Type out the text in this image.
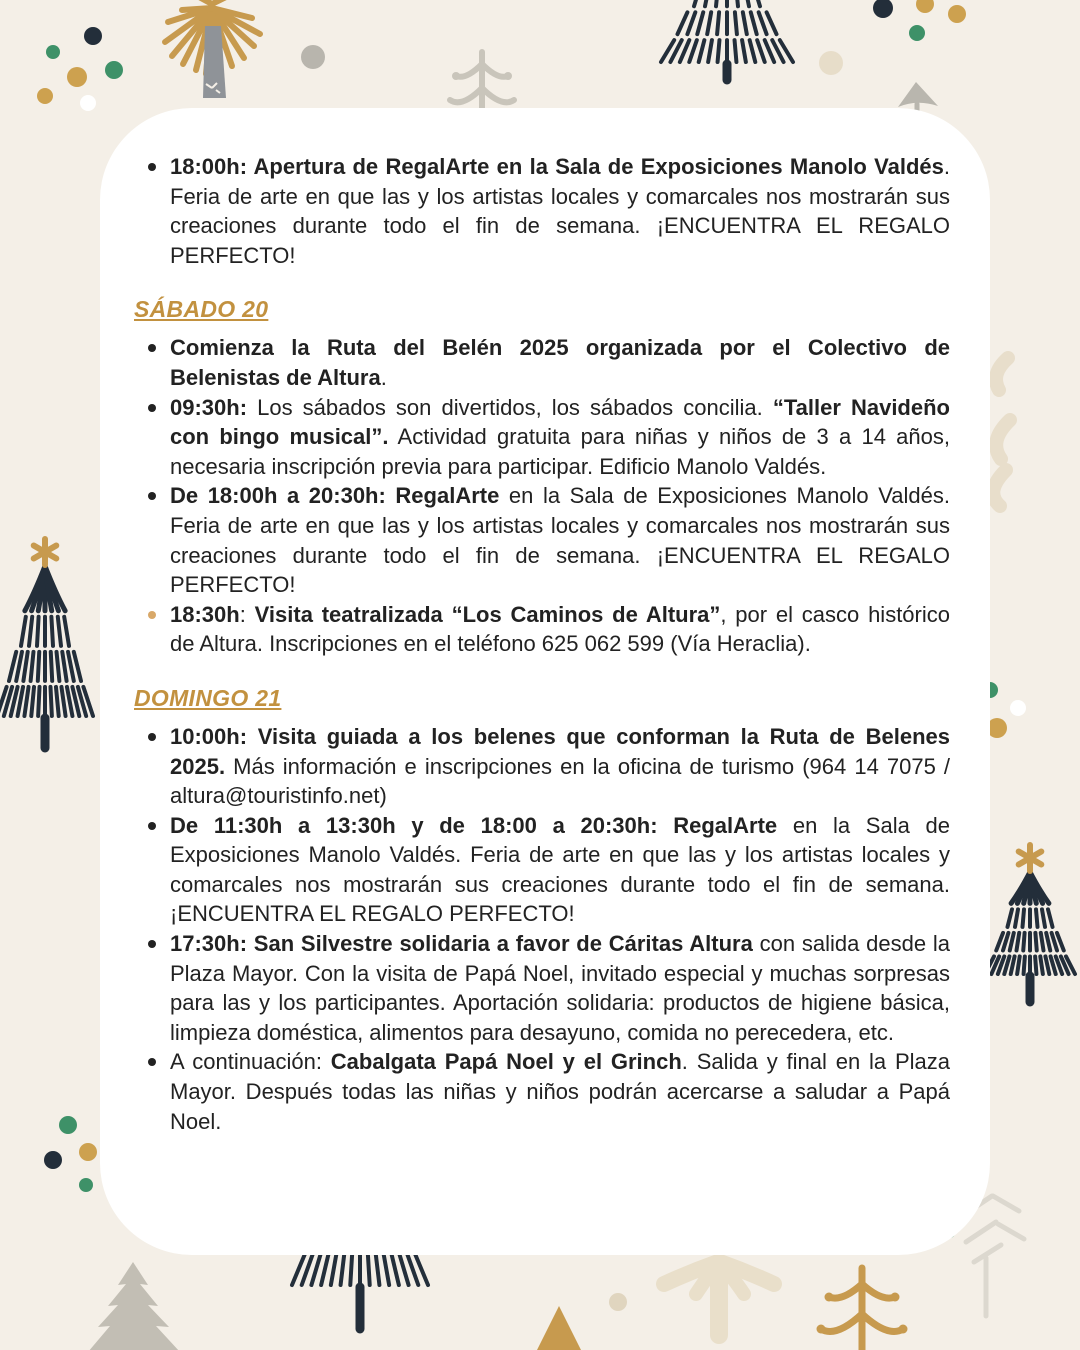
18:00h: Apertura de RegalArte en la Sala de Exposiciones Manolo Valdés. Feria de arte en que las y los artistas locales y comarcales nos mostrarán sus creaciones durante todo el fin de semana. ¡ENCUENTRA EL REGALO PERFECTO!
SÁBADO 20
Comienza la Ruta del Belén 2025 organizada por el Colectivo de Belenistas de Altura.
09:30h: Los sábados son divertidos, los sábados concilia. “Taller Navideño con bingo musical”. Actividad gratuita para niñas y niños de 3 a 14 años, necesaria inscripción previa para participar. Edificio Manolo Valdés.
De 18:00h a 20:30h: RegalArte en la Sala de Exposiciones Manolo Valdés. Feria de arte en que las y los artistas locales y comarcales nos mostrarán sus creaciones durante todo el fin de semana. ¡ENCUENTRA EL REGALO PERFECTO!
18:30h: Visita teatralizada “Los Caminos de Altura”, por el casco histórico de Altura. Inscripciones en el teléfono 625 062 599 (Vía Heraclia).
DOMINGO 21
10:00h: Visita guiada a los belenes que conforman la Ruta de Belenes 2025. Más información e inscripciones en la oficina de turismo (964 14 7075 / altura@touristinfo.net)
De 11:30h a 13:30h y de 18:00 a 20:30h: RegalArte en la Sala de Exposiciones Manolo Valdés. Feria de arte en que las y los artistas locales y comarcales nos mostrarán sus creaciones durante todo el fin de semana. ¡ENCUENTRA EL REGALO PERFECTO!
17:30h: San Silvestre solidaria a favor de Cáritas Altura con salida desde la Plaza Mayor. Con la visita de Papá Noel, invitado especial y muchas sorpresas para las y los participantes. Aportación solidaria: productos de higiene básica, limpieza doméstica, alimentos para desayuno, comida no perecedera, etc.
A continuación: Cabalgata Papá Noel y el Grinch. Salida y final en la Plaza Mayor. Después todas las niñas y niños podrán acercarse a saludar a Papá Noel.
